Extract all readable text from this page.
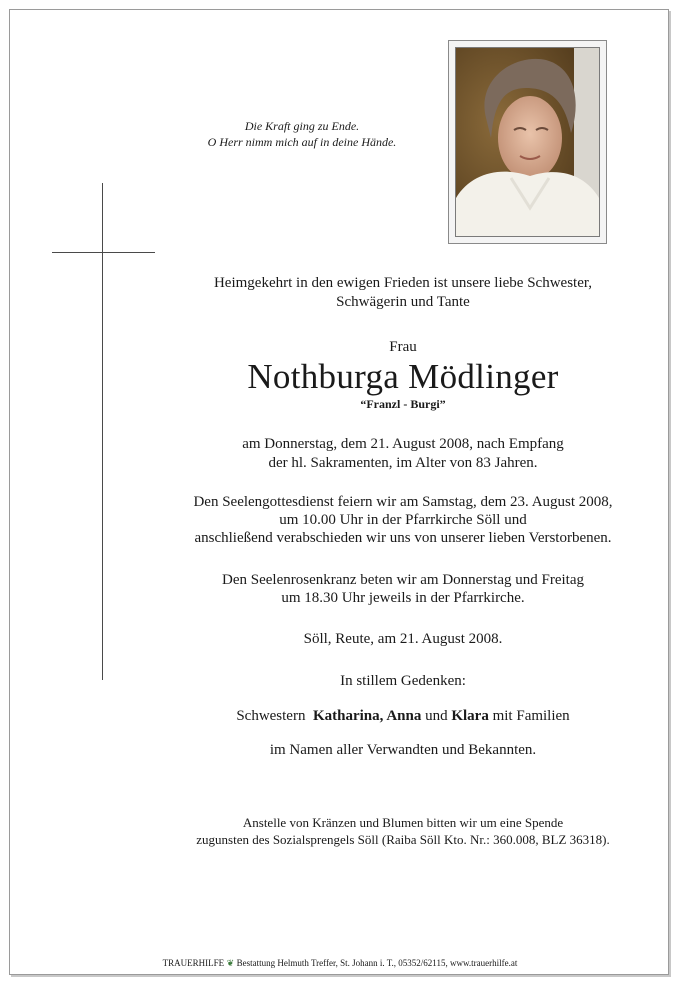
Die Kraft ging zu Ende.
O Herr nimm mich auf in deine Hände.
Heimgekehrt in den ewigen Frieden ist unsere liebe Schwester,
Schwägerin und Tante
Frau
Nothburga Mödlinger
“Franzl - Burgi”
am Donnerstag, dem 21. August 2008, nach Empfang
der hl. Sakramenten, im Alter von 83 Jahren.
Den Seelengottesdienst feiern wir am Samstag, dem 23. August 2008,
um 10.00 Uhr in der Pfarrkirche Söll und
anschließend verabschieden wir uns von unserer lieben Verstorbenen.
Den Seelenrosenkranz beten wir am Donnerstag und Freitag
um 18.30 Uhr jeweils in der Pfarrkirche.
Söll, Reute, am 21. August 2008.
In stillem Gedenken:
Schwestern Katharina, Anna und Klara mit Familien
im Namen aller Verwandten und Bekannten.
Anstelle von Kränzen und Blumen bitten wir um eine Spende
zugunsten des Sozialsprengels Söll (Raiba Söll Kto. Nr.: 360.008, BLZ 36318).
TRAUERHILFE ❦ Bestattung Helmuth Treffer, St. Johann i. T., 05352/62115, www.trauerhilfe.at
